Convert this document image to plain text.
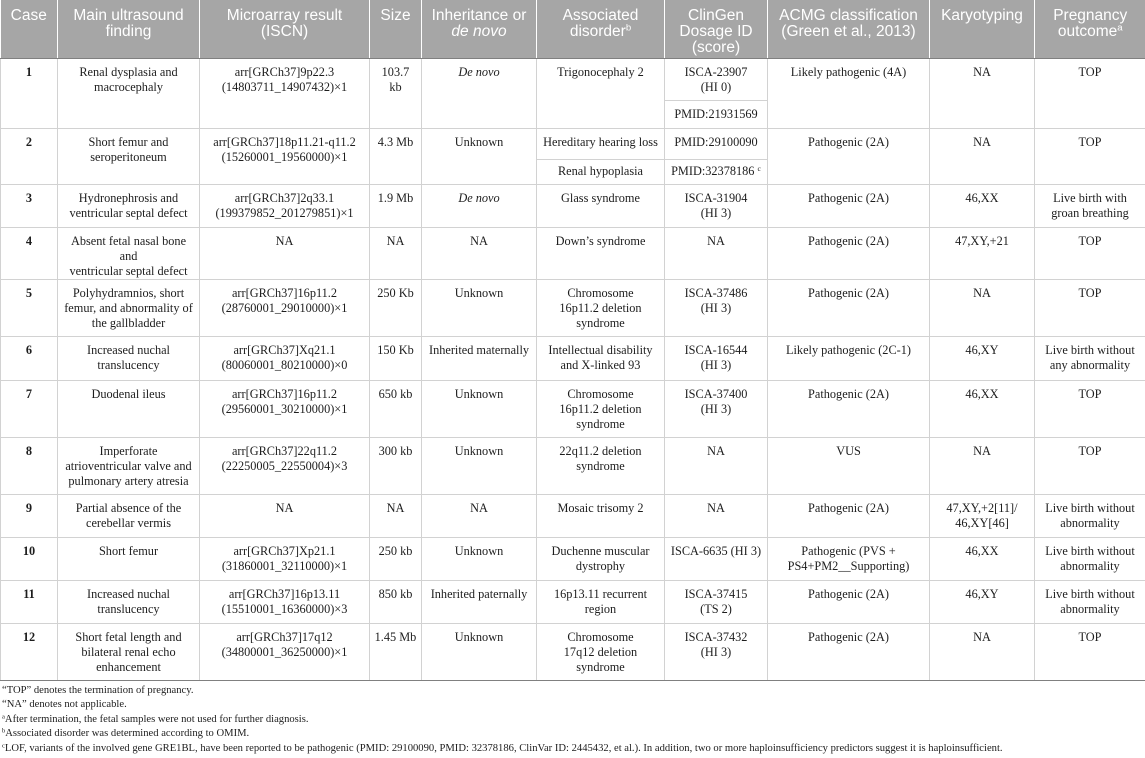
Case	Main ultrasound finding	Microarray result
(ISCN)	Size	Inheritance or
de novo	Associated disorder$^b$	ClinGen
Dosage ID
(score)	ACMG classification
(Green et al., 2013)	Karyotyping	Pregnancy
outcome$^a$
1	Renal dysplasia and
macrocephaly	arr[GRCh37]9p22.3
(14803711_14907432)×1	103.7 kb	De novo	Trigonocephaly 2	ISCA-23907
(HI 0)	Likely pathogenic (4A)	NA	TOP
						PMID:21931569			
2	Short femur and
seroperitoneum	arr[GRCh37]18p11.21-q11.2
(15260001_19560000)×1	4.3 Mb	Unknown	Hereditary hearing loss	PMID:29100090	Pathogenic (2A)	NA	TOP
					Renal hypoplasia	PMID:32378186 $^c$
3	Hydronephrosis and
ventricular septal defect	arr[GRCh37]2q33.1
(199379852_201279851)×1	1.9 Mb	De novo	Glass syndrome	ISCA-31904
(HI 3)	Pathogenic (2A)	46,XX	Live birth with
groan breathing
4	Absent fetal nasal bone and
ventricular septal defect	NA	NA	NA	Down’s syndrome	NA	Pathogenic (2A)	47,XY,+21	TOP
5	Polyhydramnios, short
femur, and abnormality of
the gallbladder	arr[GRCh37]16p11.2
(28760001_29010000)×1	250 Kb	Unknown	Chromosome
16p11.2 deletion
syndrome	ISCA-37486
(HI 3)	Pathogenic (2A)	NA	TOP
6	Increased nuchal
translucency	arr[GRCh37]Xq21.1
(80060001_80210000)×0	150 Kb	Inherited maternally	Intellectual disability
and X-linked 93	ISCA-16544
(HI 3)	Likely pathogenic (2C-1)	46,XY	Live birth without
any abnormality
7	Duodenal ileus	arr[GRCh37]16p11.2
(29560001_30210000)×1	650 kb	Unknown	Chromosome
16p11.2 deletion
syndrome	ISCA-37400
(HI 3)	Pathogenic (2A)	46,XX	TOP
8	Imperforate
atrioventricular valve and
pulmonary artery atresia	arr[GRCh37]22q11.2
(22250005_22550004)×3	300 kb	Unknown	22q11.2 deletion
syndrome	NA	VUS	NA	TOP
9	Partial absence of the
cerebellar vermis	NA	NA	NA	Mosaic trisomy 2	NA	Pathogenic (2A)	47,XY,+2[11]/ 46,XY[46]	Live birth without
abnormality
10	Short femur	arr[GRCh37]Xp21.1
(31860001_32110000)×1	250 kb	Unknown	Duchenne muscular
dystrophy	ISCA-6635 (HI 3)	Pathogenic (PVS +
PS4+PM2__Supporting)	46,XX	Live birth without
abnormality
11	Increased nuchal
translucency	arr[GRCh37]16p13.11
(15510001_16360000)×3	850 kb	Inherited paternally	16p13.11 recurrent
region	ISCA-37415
(TS 2)	Pathogenic (2A)	46,XY	Live birth without
abnormality
12	Short fetal length and
bilateral renal echo
enhancement	arr[GRCh37]17q12
(34800001_36250000)×1	1.45 Mb	Unknown	Chromosome
17q12 deletion
syndrome	ISCA-37432
(HI 3)	Pathogenic (2A)	NA	TOP
“TOP” denotes the termination of pregnancy.
“NA” denotes not applicable.
$^a$After termination, the fetal samples were not used for further diagnosis.
$^b$Associated disorder was determined according to OMIM.
$^c$LOF, variants of the involved gene GRE1BL, have been reported to be pathogenic (PMID: 29100090, PMID: 32378186, ClinVar ID: 2445432, et al.). In addition, two or more haploinsufficiency predictors suggest it is haploinsufficient.
